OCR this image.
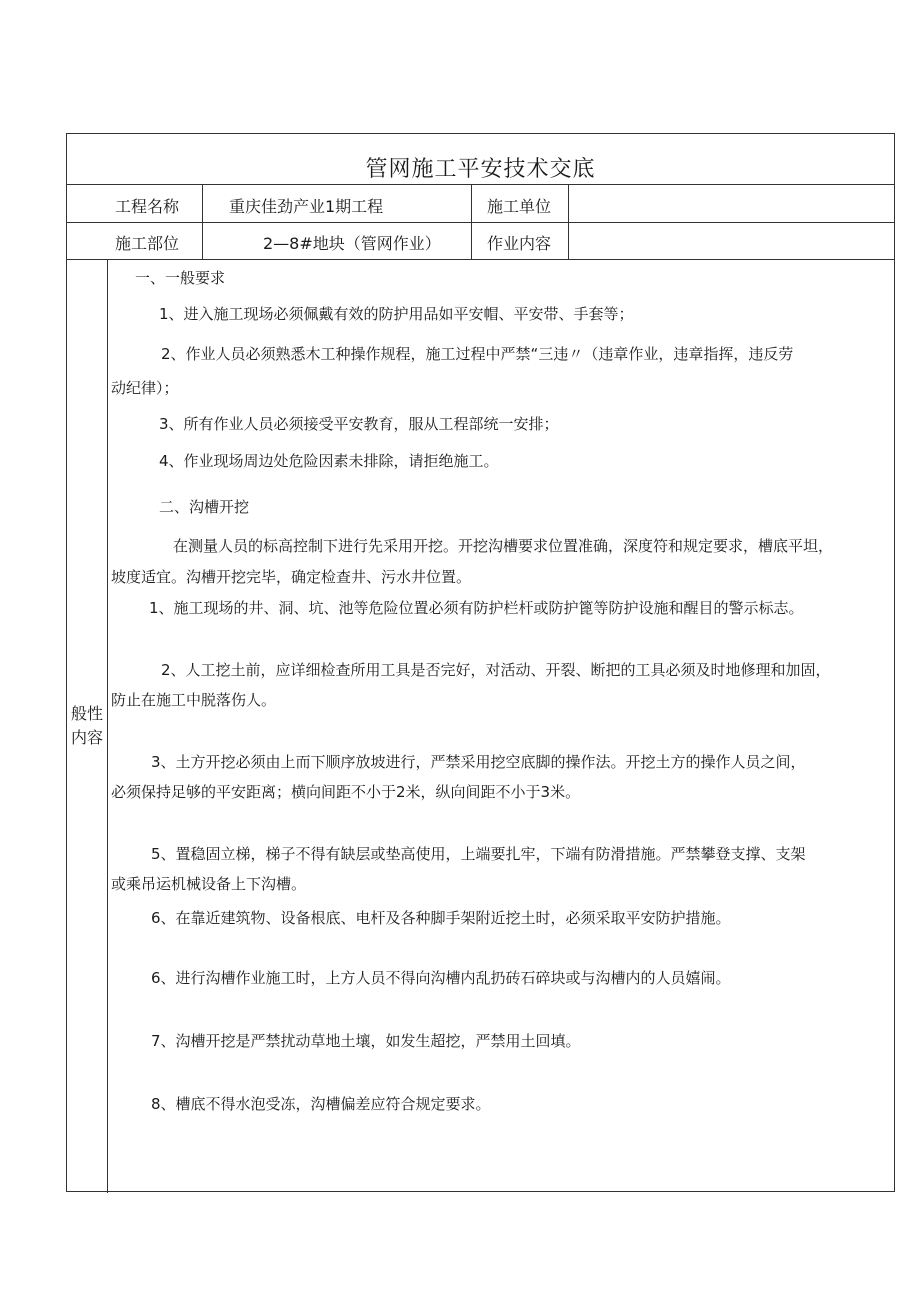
管网施工平安技术交底
工程名称	重庆佳劲产业1期工程	施工单位
施工部位	2—8#地块（管网作业）	作业内容
般性
内容

一、一般要求

1、进入施工现场必须佩戴有效的防护用品如平安帽、平安带、手套等；

2、作业人员必须熟悉木工种操作规程，施工过程中严禁“三违〃（违章作业，违章指挥，违反劳

动纪律）；

3、所有作业人员必须接受平安教育，服从工程部统一安排；

4、作业现场周边处危险因素未排除，请拒绝施工。

二、沟槽开挖

在测量人员的标高控制下进行先采用开挖。开挖沟槽要求位置准确，深度符和规定要求，槽底平坦，

坡度适宜。沟槽开挖完毕，确定检查井、污水井位置。

1、施工现场的井、洞、坑、池等危险位置必须有防护栏杆或防护篦等防护设施和醒目的警示标志。

2、人工挖土前，应详细检查所用工具是否完好，对活动、开裂、断把的工具必须及时地修理和加固，

防止在施工中脱落伤人。

3、土方开挖必须由上而下顺序放坡进行，严禁采用挖空底脚的操作法。开挖土方的操作人员之间，

必须保持足够的平安距离；横向间距不小于2米，纵向间距不小于3米。

5、置稳固立梯，梯子不得有缺层或垫高使用，上端要扎牢，下端有防滑措施。严禁攀登支撑、支架

或乘吊运机械设备上下沟槽。

6、在靠近建筑物、设备根底、电杆及各种脚手架附近挖土时，必须采取平安防护措施。

6、进行沟槽作业施工时，上方人员不得向沟槽内乱扔砖石碎块或与沟槽内的人员嬉闹。

7、沟槽开挖是严禁扰动草地土壤，如发生超挖，严禁用土回填。

8、槽底不得水泡受冻，沟槽偏差应符合规定要求。
